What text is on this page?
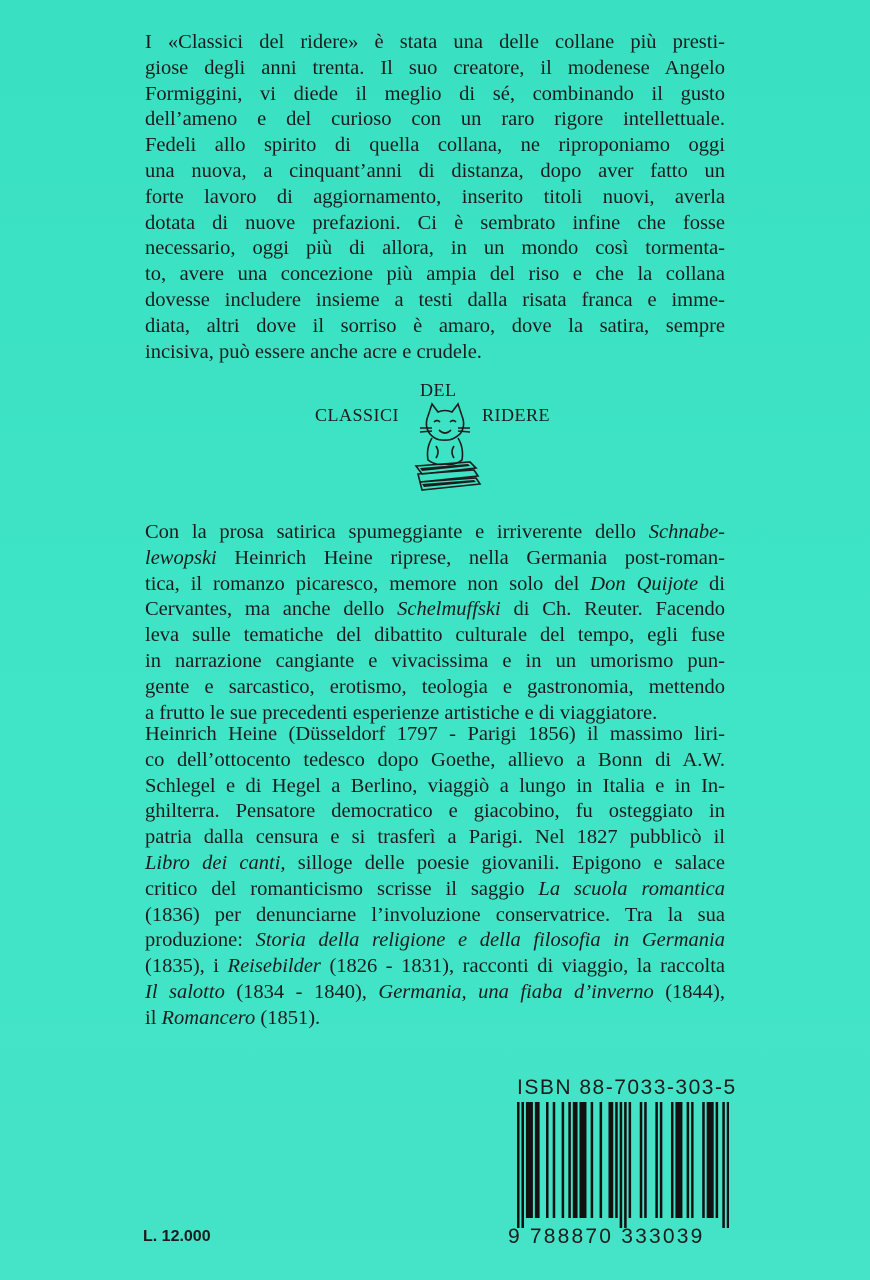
I «Classici del ridere» è stata una delle collane più presti-
giose degli anni trenta. Il suo creatore, il modenese Angelo
Formiggini, vi diede il meglio di sé, combinando il gusto
dell’ameno e del curioso con un raro rigore intellettuale.
Fedeli allo spirito di quella collana, ne riproponiamo oggi
una nuova, a cinquant’anni di distanza, dopo aver fatto un
forte lavoro di aggiornamento, inserito titoli nuovi, averla
dotata di nuove prefazioni. Ci è sembrato infine che fosse
necessario, oggi più di allora, in un mondo così tormenta-
to, avere una concezione più ampia del riso e che la collana
dovesse includere insieme a testi dalla risata franca e imme-
diata, altri dove il sorriso è amaro, dove la satira, sempre
incisiva, può essere anche acre e crudele.
DEL
CLASSICI	RIDERE
Con la prosa satirica spumeggiante e irriverente dello Schnabe-
lewopski Heinrich Heine riprese, nella Germania post-roman-
tica, il romanzo picaresco, memore non solo del Don Quijote di
Cervantes, ma anche dello Schelmuffski di Ch. Reuter. Facendo
leva sulle tematiche del dibattito culturale del tempo, egli fuse
in narrazione cangiante e vivacissima e in un umorismo pun-
gente e sarcastico, erotismo, teologia e gastronomia, mettendo
a frutto le sue precedenti esperienze artistiche e di viaggiatore.
Heinrich Heine (Düsseldorf 1797 - Parigi 1856) il massimo liri-
co dell’ottocento tedesco dopo Goethe, allievo a Bonn di A.W.
Schlegel e di Hegel a Berlino, viaggiò a lungo in Italia e in In-
ghilterra. Pensatore democratico e giacobino, fu osteggiato in
patria dalla censura e si trasferì a Parigi. Nel 1827 pubblicò il
Libro dei canti, silloge delle poesie giovanili. Epigono e salace
critico del romanticismo scrisse il saggio La scuola romantica
(1836) per denunciarne l’involuzione conservatrice. Tra la sua
produzione: Storia della religione e della filosofia in Germania
(1835), i Reisebilder (1826 - 1831), racconti di viaggio, la raccolta
Il salotto (1834 - 1840), Germania, una fiaba d’inverno (1844),
il Romancero (1851).
ISBN 88-7033-303-5
9 788870 333039
L. 12.000
